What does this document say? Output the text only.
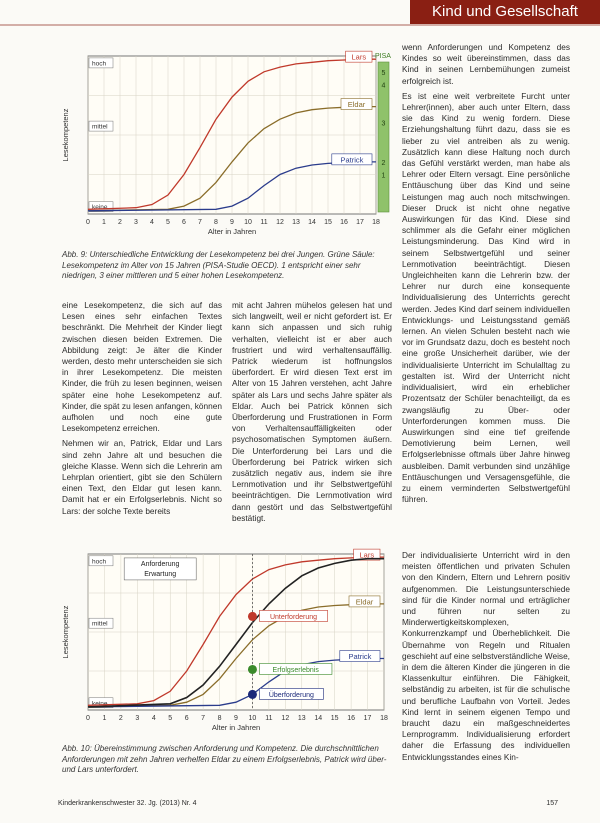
Kind und Gesellschaft
0 1 2 3 4 5 6 7 8 9 10 11 12 13 14 15 16 17 18
Alter in Jahren
Lesekompetenz
hoch
mittel
keine
PISA
5
4
3
2
1
Lars
Eldar
Patrick
Abb. 9: Unterschiedliche Entwicklung der Lesekompetenz bei drei Jungen. Grüne Säule: Lesekompetenz im Alter von 15 Jahren (PISA-Studie OECD). 1 entspricht einer sehr niedrigen, 3 einer mittleren und 5 einer hohen Lesekompetenz.

eine Lesekompetenz, die sich auf das Lesen eines sehr einfachen Textes beschränkt. Die Mehrheit der Kinder liegt zwischen diesen beiden Extremen. Die Abbildung zeigt: Je älter die Kinder werden, desto mehr unterscheiden sie sich in ihrer Lesekompetenz. Die meisten Kinder, die früh zu lesen beginnen, weisen später eine hohe Lesekompetenz auf. Kinder, die spät zu lesen anfangen, können aufholen und noch eine gute Lesekompetenz erreichen.

Nehmen wir an, Patrick, Eldar und Lars sind zehn Jahre alt und besuchen die gleiche Klasse. Wenn sich die Lehrerin am Lehrplan orientiert, gibt sie den Schülern einen Text, den Eldar gut lesen kann. Damit hat er ein Erfolgserlebnis. Nicht so Lars: der solche Texte bereits

mit acht Jahren mühelos gelesen hat und sich langweilt, weil er nicht gefordert ist. Er kann sich anpassen und sich ruhig verhalten, vielleicht ist er aber auch frustriert und wird verhaltensauffällig. Patrick wiederum ist hoffnungslos überfordert. Er wird diesen Text erst im Alter von 15 Jahren verstehen, acht Jahre später als Lars und sechs Jahre später als Eldar. Auch bei Patrick können sich Überforderung und Frustrationen in Form von Verhaltensauffälligkeiten oder psychosomatischen Symptomen äußern. Die Unterforderung bei Lars und die Überforderung bei Patrick wirken sich zusätzlich negativ aus, indem sie ihre Lernmotivation und ihr Selbstwertgefühl beeinträchtigen. Die Lernmotivation wird dann gestört und das Selbstwertgefühl bestätigt.

wenn Anforderungen und Kompetenz des Kindes so weit übereinstimmen, dass das Kind in seinen Lernbemühungen zumeist erfolgreich ist.

Es ist eine weit verbreitete Furcht unter Lehrer(innen), aber auch unter Eltern, dass sie das Kind zu wenig fordern. Diese Erziehungshaltung führt dazu, dass sie es lieber zu viel antreiben als zu wenig. Zusätzlich kann diese Haltung noch durch das Gefühl verstärkt werden, man habe als Lehrer oder Eltern versagt. Eine persönliche Enttäuschung über das Kind und seine Leistungen mag auch noch mitschwingen. Dieser Druck ist nicht ohne negative Auswirkungen für das Kind. Diese sind schlimmer als die Gefahr einer möglichen Leistungsminderung. Das Kind wird in seinem Selbstwertgefühl und seiner Lernmotivation beeinträchtigt. Diesen Ungleichheiten kann die Lehrerin bzw. der Lehrer nur durch eine konsequente Individualisierung des Unterrichts gerecht werden. Jedes Kind darf seinem individuellen Entwicklungs- und Leistungsstand gemäß lernen. An vielen Schulen besteht nach wie vor im Grundsatz dazu, doch es besteht noch eine große Unsicherheit darüber, wie der individualisierte Unterricht im Schulalltag zu gestalten ist. Wird der Unterricht nicht individualisiert, wird ein erheblicher Prozentsatz der Schüler benachteiligt, da es zwangsläufig zu Über- oder Unterforderungen kommen muss. Die Auswirkungen sind eine tief greifende Demotivierung beim Lernen, weil Erfolgserlebnisse oftmals über Jahre hinweg ausbleiben. Damit verbunden sind unzählige Enttäuschungen und Versagensgefühle, die zu einem verminderten Selbstwertgefühl führen.

Der individualisierte Unterricht wird in den meisten öffentlichen und privaten Schulen von den Kindern, Eltern und Lehrern positiv aufgenommen. Die Leistungsunterschiede sind für die Kinder normal und erträglicher und führen nur selten zu Minderwertigkeitskomplexen, Konkurrenzkampf und Überheblichkeit. Die Übernahme von Regeln und Ritualen geschieht auf eine selbstverständliche Weise, in dem die älteren Kinder die jüngeren in die Klassenkultur einführen. Die Fähigkeit, selbständig zu arbeiten, ist für die schulische und berufliche Laufbahn von Vorteil. Jedes Kind lernt in seinem eigenen Tempo und braucht dazu ein maßgeschneidertes Lernprogramm. Individualisierung erfordert daher die Erfassung des individuellen Entwicklungsstandes eines Kin-

0 1 2 3 4 5 6 7 8 9 10 11 12 13 14 15 16 17 18
Alter in Jahren
Lesekompetenz
hoch
mittel
keine
Lars
Eldar
Patrick
Anforderung
Erwartung
Unterforderung
Erfolgserlebnis
Überforderung
Abb. 10: Übereinstimmung zwischen Anforderung und Kompetenz. Die durchschnittlichen Anforderungen mit zehn Jahren verhelfen Eldar zu einem Erfolgserlebnis, Patrick wird über- und Lars unterfordert.
Kinderkrankenschwester 32. Jg. (2013) Nr. 4	157
